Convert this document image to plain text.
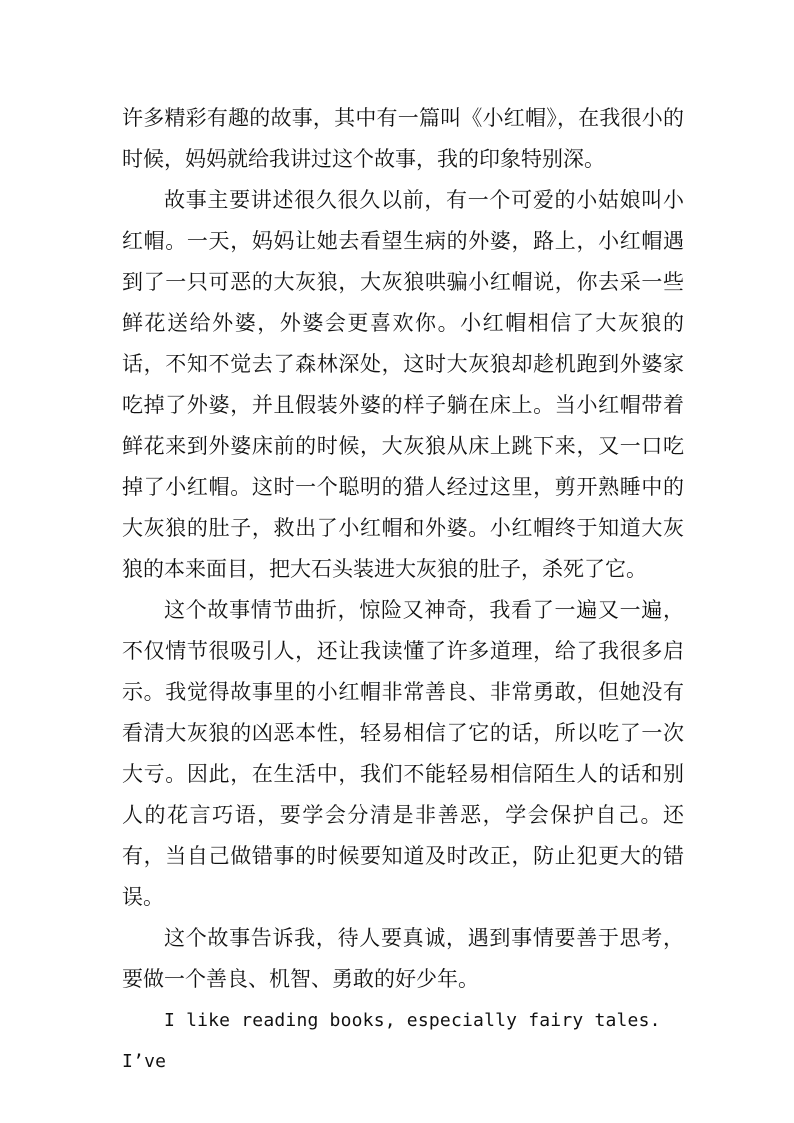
许多精彩有趣的故事，其中有一篇叫《小红帽》，在我很小的时候，妈妈就给我讲过这个故事，我的印象特别深。

故事主要讲述很久很久以前，有一个可爱的小姑娘叫小红帽。一天，妈妈让她去看望生病的外婆，路上，小红帽遇到了一只可恶的大灰狼，大灰狼哄骗小红帽说，你去采一些鲜花送给外婆，外婆会更喜欢你。小红帽相信了大灰狼的话，不知不觉去了森林深处，这时大灰狼却趁机跑到外婆家吃掉了外婆，并且假装外婆的样子躺在床上。当小红帽带着鲜花来到外婆床前的时候，大灰狼从床上跳下来，又一口吃掉了小红帽。这时一个聪明的猎人经过这里，剪开熟睡中的大灰狼的肚子，救出了小红帽和外婆。小红帽终于知道大灰狼的本来面目，把大石头装进大灰狼的肚子，杀死了它。

这个故事情节曲折，惊险又神奇，我看了一遍又一遍，不仅情节很吸引人，还让我读懂了许多道理，给了我很多启示。我觉得故事里的小红帽非常善良、非常勇敢，但她没有看清大灰狼的凶恶本性，轻易相信了它的话，所以吃了一次大亏。因此，在生活中，我们不能轻易相信陌生人的话和别人的花言巧语，要学会分清是非善恶，学会保护自己。还有，当自己做错事的时候要知道及时改正，防止犯更大的错误。

这个故事告诉我，待人要真诚，遇到事情要善于思考，要做一个善良、机智、勇敢的好少年。

I like reading books, especially fairy tales. I’ve
